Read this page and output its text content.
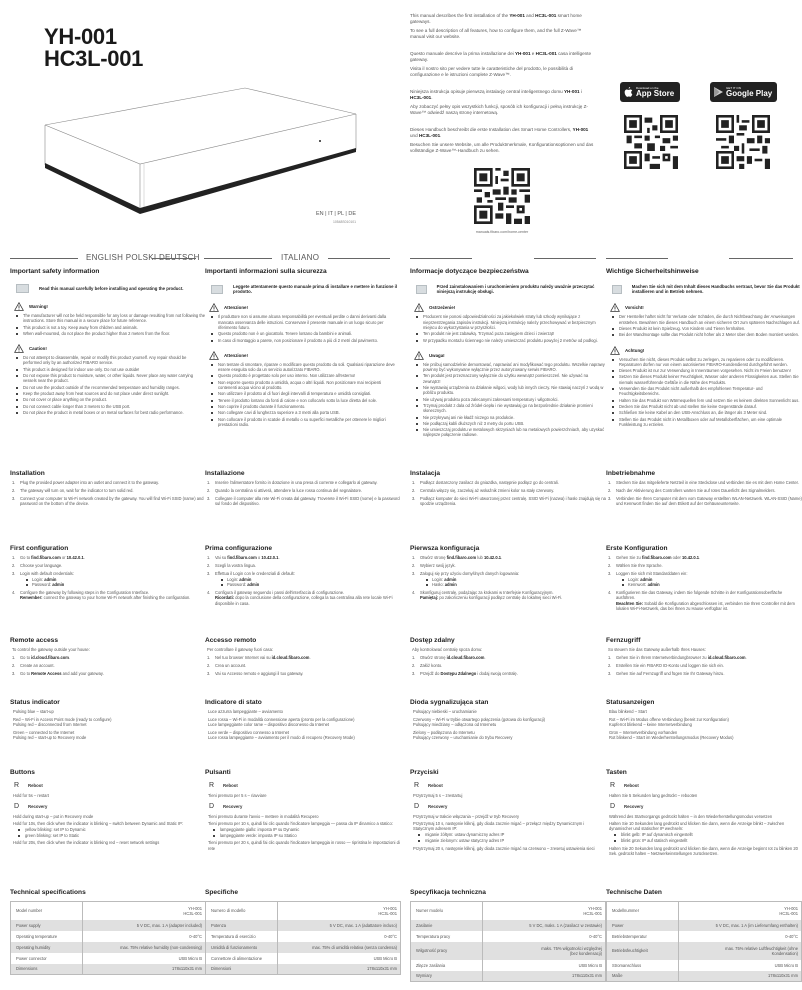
YH-001
HC3L-001
EN | IT | PL | DE
10548S010101

This manual describes the first installation of the YH-001 and HC3L-001 smart home gateways.

To see a full description of all features, how to configure them, and the full Z-Wave™ manual visit our website.

Questo manuale descrive la prima installazione dei YH-001 e HC3L-001 casa intelligente gateway.

Visita il nostro sito per vedere tutte le caratteristiche del prodotto, le possibilità di configurazione e le istruzioni complete Z-Wave™.

Niniejsza instrukcja opisuje pierwszą instalację central inteligentnego domu YH-001 i HC3L-001.

Aby zobaczyć pełny opis wszystkich funkcji, sposób ich konfiguracji i pełną instrukcję Z-Wave™ odwiedź naszą stronę internetową.

Dieses Handbuch beschreibt die erste Installation des Smart Home Controllers, YH-001 und HC3L-001.

Besuchen Sie unsere Website, um alle Produktmerkmale, Konfigurationsoptionen und das vollständige Z-Wave™-Handbuch zu sehen.

manuals.fibaro.com/home-center
Download on the
App Store
GET IT ON
Google Play
ENGLISH POLSKI DEUTSCH	ITALIANO
Important safety information
Read this manual carefully before installing and operating the product.
Warning!
The manufacturer will not be held responsible for any loss or damage resulting from not following the instructions. Store this manual in a secure place for future reference.
This product is not a toy. Keep away from children and animals.
When wall-mounted, do not place the product higher than 2 meters from the floor.
Caution!
Do not attempt to disassemble, repair or modify this product yourself. Any repair should be performed only by an authorized FIBARO service.
This product is designed for indoor use only. Do not use outside!
Do not expose this product to moisture, water, or other liquids. Never place any water carrying vessels near the product.
Do not use the product outside of the recommended temperature and humidity ranges.
Keep the product away from heat sources and do not place under direct sunlight.
Do not cover or place anything on the product.
Do not connect cable longer than 3 meters to the USB port.
Do not place the product in metal boxes or on metal surfaces for best radio performance.
Installation
1. Plug the provided power adapter into an outlet and connect it to the gateway.
2. The gateway will turn on, wait for the indicator to turn solid red.
3. Connect your computer to Wi-Fi network created by the gateway. You will find Wi-Fi SSID (name) and password on the bottom of the device.
First configuration
1. Go to find.fibaro.com or 10.42.0.1.
2. Choose your language.
3. Login with default credentials:
Login: admin
Password: admin
4. Configure the gateway by following steps in the Configuration Interface.
Remember: connect the gateway to your home Wi-Fi network after finishing the configuration.
Remote access
To control the gateway outside your house:
1. Go to id.cloud.fibaro.com.
2. Create an account.
3. Go to Remote Access and add your gateway.
Status indicator

Pulsing blue – start-up

Red – Wi-Fi in Access Point mode (ready to configure)

Pulsing red – disconnected from Internet

Green – connected to the Internet

Pulsing red – start-up to Recovery mode

Buttons
R Reboot
Hold for 5s – restart
D Recovery
Hold during start-up – put in Recovery mode
Hold for 10s, then click when the indicator is blinking – switch between Dynamic and Static IP:
yellow blinking: set IP to Dynamic
green blinking: set IP to Static
Hold for 20s, then click when the indicator is blinking red – reset network settings
Technical specifications
Model number	YH-001
HC3L-001
Power supply	5 V DC, max. 1 A (adapter included)
Operating temperature	0-40°C
Operating humidity	max. 75% relative humidity (non-condensing)
Power connector	USB Micro B
Dimensions	178x110x31 mm
Importanti informazioni sulla sicurezza
Leggete attentamente questo manuale prima di installare e mettere in funzione il prodotto.
Attenzione!
Il produttore non si assume alcuna responsabilità per eventuali perdite o danni derivanti dalla mancata osservanza delle istruzioni. Conservare il presente manuale in un luogo sicuro per riferimento futuro.
Questo prodotto non è un giocattolo. Tenere lontano da bambini e animali.
In caso di montaggio a parete, non posizionare il prodotto a più di 2 metri dal pavimento.
Attenzione!
Non tentare di smontare, riparare o modificare questo prodotto da soli. Qualsiasi riparazione deve essere eseguita solo da un servizio autorizzato FIBARO.
Questo prodotto è progettato solo per uso interno. Non utilizzare all'esterno!
Non esporre questo prodotto a umidità, acqua o altri liquidi. Non posizionare mai recipienti contenenti acqua vicino al prodotto.
Non utilizzare il prodotto al di fuori degli intervalli di temperatura e umidità consigliati.
Tenere il prodotto lontano da fonti di calore e non collocarlo sotto la luce diretta del sole.
Non coprire il prodotto durante il funzionamento.
Non collegare cavi di lunghezza superiore a 3 metri alla porta USB.
Non collocare il prodotto in scatole di metallo o su superfici metalliche per ottenere le migliori prestazioni radio.
Installazione
1. Inserire l'alimentatore fornito in dotazione in una presa di corrente e collegarlo al gateway.
2. Quando la centralina si attiverà, attendere la luce rossa continua del segnalatore.
3. Collegare il computer alla rete Wi-Fi creata dal gateway. Troverete il Wi-Fi SSID (nome) e la password sul fondo del dispositivo.
Prima configurazione
1. Vai su find.fibaro.com o 10.42.0.1.
2. Scegli la vostra lingua.
3. Effettua il Login con le credenziali di default:
Login: admin
Password: admin
4. Configura il gateway seguendo i passi dell'interfaccia di configurazione.
Ricordati: dopo la conclusione della configurazione, collega la tua centralina alla rete locale Wi-Fi disponibile in casa.
Accesso remoto
Per controllare il gateway fuori casa:
1. Nel tuo browser Internet vai su id.cloud.fibaro.com.
2. Crea un account.
3. Vai su Accesso remoto e aggiungi il tuo gateway.
Indicatore di stato

Luce azzurra lampeggiante – avviamento

Luce rossa – Wi-Fi in modalità connessione aperta (pronto per la configurazione)

Luce lampeggiante color rame – dispositivo disconesso da Internet

Luce verde – dispositivo connesso a Internet

Luce rossa lampeggiante – avviamento per il modo di recupero (Recovery Mode)

Pulsanti
R Reboot
Tieni premuto per 5 s – riavviare
D Recovery
Tieni premuto durante l'avvio – mettere in modalità Recupero
Tieni premuto per 10 s, quindi fai clic quando l'indicatore lampeggia — passa da IP dinamico a statico:
lampeggiante giallo: imposta IP su Dynamic
lampeggiante verde: imposta IP su Statico
Tieni premuto per 20 s, quindi fai clic quando l'indicatore lampeggia in rosso — ripristina le impostazioni di rete
Specifiche
Numero di modello	YH-001
HC3L-001
Potenza	5 V DC, max. 1 A (adattatore incluso)
Temperatura di esercizio	0-40°C
Umidità di funzionamento	max. 75% di umidità relativa (senza condensa)
Connettore di alimentazione	USB Micro B
Dimensioni	178x110x31 mm
Informacje dotyczące bezpieczeństwa
Przed zainstalowaniem i uruchomieniem produktu należy uważnie przeczytać niniejszą instrukcję obsługi.
Ostrzeżenie!
Producent nie ponosi odpowiedzialności za jakiekolwiek straty lub szkody wynikające z nieprzestrzegania zapisów instrukcji. Niniejszą instrukcję należy przechowywać w bezpiecznym miejscu do wykorzystania w przyszłości.
Ten produkt nie jest zabawką. Trzymać poza zasięgiem dzieci i zwierząt!
W przypadku montażu ściennego nie należy umieszczać produktu powyżej 2 metrów od podłogi.
Uwaga!
Nie próbuj samodzielnie demontować, naprawiać ani modyfikować tego produktu. Wszelkie naprawy powinny być wykonywane wyłącznie przez autoryzowany serwis FIBARO.
Ten produkt jest przeznaczony wyłącznie do użytku wewnątrz pomieszczeń. Nie używać na zewnątrz!
Nie wystawiaj urządzenia na działanie wilgoci, wody lub innych cieczy. Nie stawiaj naczyń z wodą w pobliżu produktu.
Nie używaj produktu poza zalecanymi zakresami temperatury i wilgotności.
Trzymaj produkt z dala od źródeł ciepła i nie wystawiaj go na bezpośrednie działanie promieni słonecznych.
Nie przykrywaj ani nie kładź niczego na produkcie.
Nie podłączaj kabli dłuższych niż 3 metry do portu USB.
Nie umieszczaj produktu w metalowych skrzyniach lub na metalowych powierzchniach, aby uzyskać najlepsze połączenie radiowe.
Instalacja
1. Podłącz dostarczony zasilacz do gniazdka, następnie podłącz go do centrali.
2. Centrala włączy się, zaczekaj aż wskaźnik zmieni kolor na stały czerwony.
3. Podłącz komputer do sieci Wi-Fi utworzonej przez centralę. SSID Wi-Fi (nazwa) i hasło znajdują się na spodzie urządzenia.
Pierwsza konfiguracja
1. Otwórz stronę find.fibaro.com lub 10.42.0.1.
2. Wybierz swój język.
3. Zaloguj się przy użyciu domyślnych danych logowania:
Login: admin
Hasło: admin
4. Skonfiguruj centralę, podążając za krokami w Interfejsie Konfiguracyjnym.
Pamiętaj: po zakończeniu konfiguracji podłącz centralę do lokalnej sieci Wi-Fi.
Dostęp zdalny
Aby kontrolować centralę spoza domu:
1. Otwórz stronę id.cloud.fibaro.com.
2. Załóż konto.
3. Przejdź do Dostępu Zdalnego i dodaj swoją centralę.
Dioda sygnalizująca stan

Pulsujący niebieski – uruchamianie

Czerwony – Wi-Fi w trybie otwartego połączenia (gotowa do konfiguracji)

Pulsujący miedziany – odłączona od Internetu

Zielony – podłączona do Internetu

Pulsujący czerwony – uruchamianie do trybu Recovery

Przyciski
R Reboot
Przytrzymaj 5 s – zrestartuj
D Recovery
Przytrzymaj w trakcie włączania – przejdź w tryb Recovery
Przytrzymaj 10 s, następnie kliknij, gdy dioda zacznie migać – przełącz między Dynamicznym i Statycznym adresem IP:
miganie żółtym: ustaw dynamiczny adres IP
miganie zielonym: ustaw statyczny adres IP
Przytrzymaj 20 s, następnie kliknij, gdy dioda zacznie migać na czerwono – zresetuj ustawienia sieci
Specyfikacja techniczna
Numer modelu	YH-001
HC3L-001
Zasilanie	5 V DC, maks. 1 A (zasilacz w zestawie)
Temperatura pracy	0-40°C
Wilgotność pracy	maks. 75% wilgotności względnej
(bez kondensacji)
Złącze zasilania	USB Micro B
Wymiary	178x110x31 mm
Wichtige Sicherheitshinweise
Machen Sie sich mit dem Inhalt dieses Handbuchs vertraut, bevor Sie das Produkt installieren und in Betrieb nehmen.
Vorsicht!
Der Hersteller haftet nicht für Verluste oder Schäden, die durch Nichtbeachtung der Anweisungen entstehen. Bewahren Sie dieses Handbuch an einem sicheren Ort zum späteren Nachschlagen auf.
Dieses Produkt ist kein Spielzeug. Von Kindern und Tieren fernhalten.
Bei der Wandmontage sollte das Produkt nicht höher als 2 Meter über dem Boden montiert werden.
Achtung!
Versuchen Sie nicht, dieses Produkt selbst zu zerlegen, zu reparieren oder zu modifizieren. Reparaturen dürfen nur von einem autorisierten FIBARO-Kundendienst durchgeführt werden.
Dieses Produkt ist nur zur Verwendung in Innenräumen vorgesehen. Nicht im Freien benutzen!
Setzen Sie dieses Produkt keiner Feuchtigkeit, Wasser oder anderen Flüssigkeiten aus. Stellen Sie niemals wasserführende Gefäße in die Nähe des Produkts.
Verwenden Sie das Produkt nicht außerhalb des empfohlenen Temperatur- und Feuchtigkeitsbereichs.
Halten Sie das Produkt von Wärmequellen fern und setzen Sie es keinem direkten Sonnenlicht aus.
Decken Sie das Produkt nicht ab und stellen Sie keine Gegenstände darauf.
Schließen Sie keine Kabel an den USB-Anschluss an, die länger als 3 Meter sind.
Stellen Sie das Produkt nicht in Metallboxen oder auf Metalloberflächen, um eine optimale Funkleistung zu erzielen.
Inbetriebnahme
1. Stecken Sie das mitgelieferte Netzteil in eine Steckdose und verbinden Sie es mit dem Home Center.
2. Nach der Aktivierung des Controllers warten Sie auf rotes Dauerlicht des Signalmelders.
3. Verbinden Sie Ihren Computer mit dem vom Gateway erstellten WLAN-Netzwerk. WLAN-SSID (Name) und Kennwort finden Sie auf dem Etikett auf der Gehäuseunterseite.
Erste Konfiguration
1. Gehen Sie zu find.fibaro.com oder 10.42.0.1.
2. Wählen Sie Ihre Sprache.
3. Loggen Sie sich mit Standarddaten ein:
Login: admin
Kennwort: admin
4. Konfigurieren Sie das Gateway, indem Sie folgende Schritte in der Konfigurationsoberfläche ausführen.
Beachten Sie: Sobald die Konfiguration abgeschlossen ist, verbinden Sie Ihren Controller mit dem lokalen Wi-Fi-Netzwerk, das bei Ihnen zu Hause verfügbar ist.
Fernzugriff
So steuern Sie das Gateway außerhalb Ihres Hauses:
1. Gehen Sie in Ihrem Internetverbindungbrowser zu id.cloud.fibaro.com.
2. Erstellen Sie ein FIBARO ID-Konto und loggen Sie sich ein.
3. Gehen Sie auf Fernzugriff und fügen Sie Ihr Gateway hinzu.
Statusanzeigen

Blau blinkend – Start

Rot – Wi-Fi im Modus offene Verbindung (bereit zur Konfiguration)

Kupferrot blinkend – keine Internetverbindung

Grün – Internetverbindung vorhanden

Rot blinkend – Start im Wiederherstellungsmodus (Recovery Modus)

Tasten
R Reboot
Halten Sie 5 Sekunden lang gedrückt – rebooten
D Recovery
Während des Startvorgangs gedrückt halten – in den Wiederherstellungsmodus versetzen
Halten Sie 10 Sekunden lang gedrückt und klicken Sie dann, wenn die Anzeige blinkt – zwischen dynamischer und statischer IP wechseln:
blinkt gelb: IP auf dynamisch eingestellt
blinkt grün: IP auf statisch eingestellt
Halten Sie 20 Sekunden lang gedrückt und klicken Sie dann, wenn die Anzeige beginnt rot zu blinken 20 Sek. gedrückt halten – Netzwerkeinstellungen zurücksetzen.
Technische Daten
Modellnummer	YH-001
HC3L-001
Power	5 V DC, max. 1 A (im Lieferumfang enthalten)
Betriebstemperatur	0-40°C
Betriebsfeuchtigkeit	max. 75% relative Luftfeuchtigkeit (ohne
Kondensation)
Stromanschluss	USB Micro B
Maße	178x110x31 mm
